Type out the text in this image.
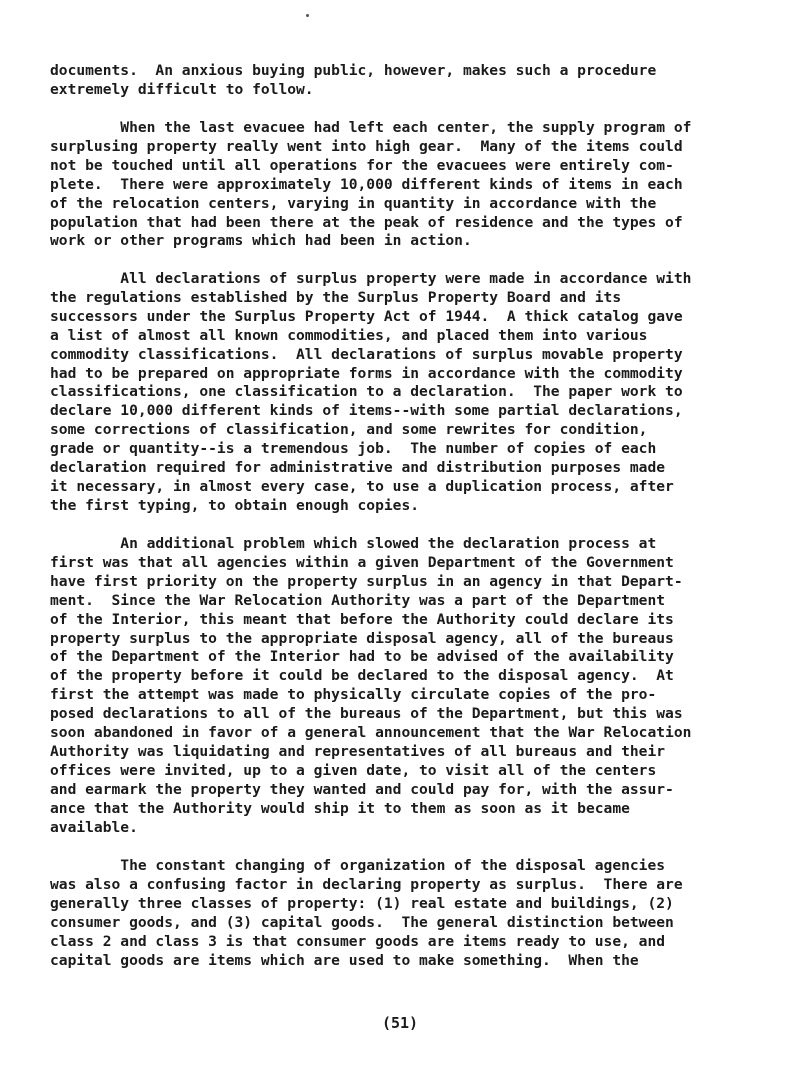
documents.  An anxious buying public, however, makes such a procedure
extremely difficult to follow.
When the last evacuee had left each center, the supply program of
surplusing property really went into high gear.  Many of the items could
not be touched until all operations for the evacuees were entirely com-
plete.  There were approximately 10,000 different kinds of items in each
of the relocation centers, varying in quantity in accordance with the
population that had been there at the peak of residence and the types of
work or other programs which had been in action.
All declarations of surplus property were made in accordance with
the regulations established by the Surplus Property Board and its
successors under the Surplus Property Act of 1944.  A thick catalog gave
a list of almost all known commodities, and placed them into various
commodity classifications.  All declarations of surplus movable property
had to be prepared on appropriate forms in accordance with the commodity
classifications, one classification to a declaration.  The paper work to
declare 10,000 different kinds of items--with some partial declarations,
some corrections of classification, and some rewrites for condition,
grade or quantity--is a tremendous job.  The number of copies of each
declaration required for administrative and distribution purposes made
it necessary, in almost every case, to use a duplication process, after
the first typing, to obtain enough copies.
An additional problem which slowed the declaration process at
first was that all agencies within a given Department of the Government
have first priority on the property surplus in an agency in that Depart-
ment.  Since the War Relocation Authority was a part of the Department
of the Interior, this meant that before the Authority could declare its
property surplus to the appropriate disposal agency, all of the bureaus
of the Department of the Interior had to be advised of the availability
of the property before it could be declared to the disposal agency.  At
first the attempt was made to physically circulate copies of the pro-
posed declarations to all of the bureaus of the Department, but this was
soon abandoned in favor of a general announcement that the War Relocation
Authority was liquidating and representatives of all bureaus and their
offices were invited, up to a given date, to visit all of the centers
and earmark the property they wanted and could pay for, with the assur-
ance that the Authority would ship it to them as soon as it became
available.
The constant changing of organization of the disposal agencies
was also a confusing factor in declaring property as surplus.  There are
generally three classes of property: (1) real estate and buildings, (2)
consumer goods, and (3) capital goods.  The general distinction between
class 2 and class 3 is that consumer goods are items ready to use, and
capital goods are items which are used to make something.  When the
(51)
